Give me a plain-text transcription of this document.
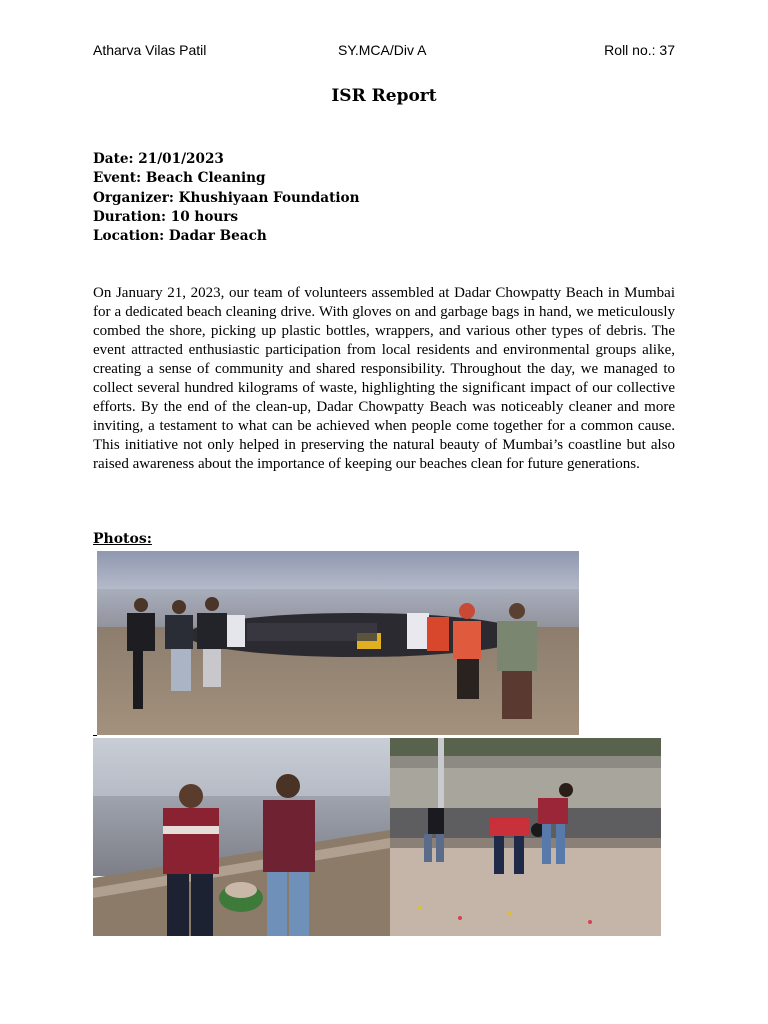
Atharva Vilas Patil	SY.MCA/Div A	Roll no.: 37
ISR Report
Date: 21/01/2023
Event: Beach Cleaning
Organizer: Khushiyaan Foundation
Duration: 10 hours
Location: Dadar Beach

On January 21, 2023, our team of volunteers assembled at Dadar Chowpatty Beach in Mumbai for a dedicated beach cleaning drive. With gloves on and garbage bags in hand, we meticulously combed the shore, picking up plastic bottles, wrappers, and various other types of debris. The event attracted enthusiastic participation from local residents and environmental groups alike, creating a sense of community and shared responsibility. Throughout the day, we managed to collect several hundred kilograms of waste, highlighting the significant impact of our collective efforts. By the end of the clean-up, Dadar Chowpatty Beach was noticeably cleaner and more inviting, a testament to what can be achieved when people come together for a common cause. This initiative not only helped in preserving the natural beauty of Mumbai’s coastline but also raised awareness about the importance of keeping our beaches clean for future generations.

Photos:
